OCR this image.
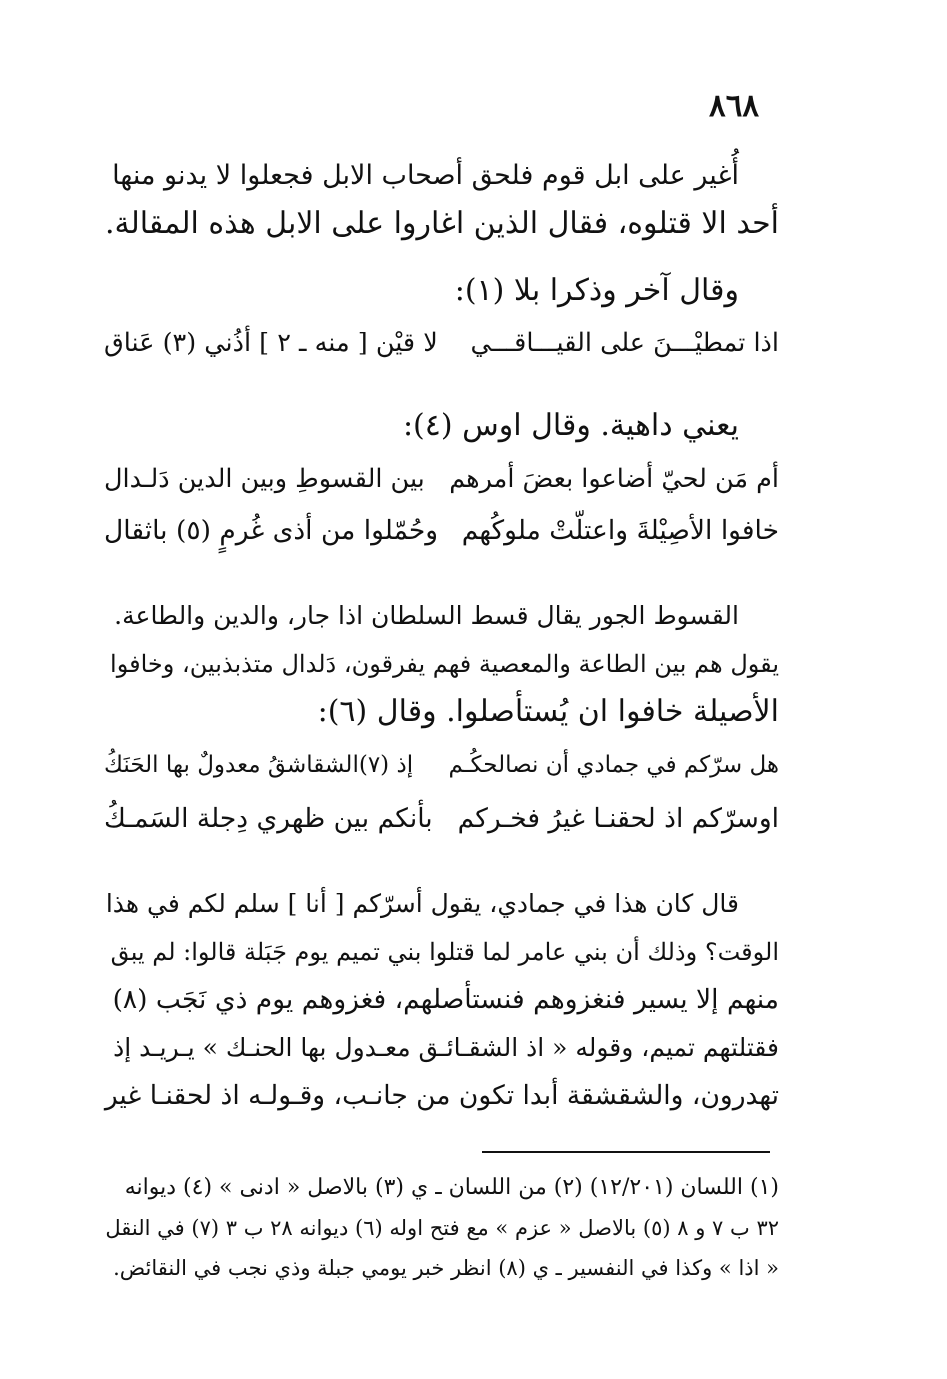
٨٦٨

أُغير على ابل قوم فلحق أصحاب الابل فجعلوا لا يدنو منها

أحد الا قتلوه، فقال الذين اغاروا على الابل هذه المقالة.

وقال آخر وذكرا بلا (١):

اذا تمطيْـــنَ على القيـــاقـــي
لا قيْن [ منه ـ ٢ ] أذُني (٣) عَناق

يعني داهية. وقال اوس (٤):

أم مَن لحيّ أضاعوا بعضَ أمرهم
بين القسوطِ وبين الدين دَلـدال
خافوا الأصِيْلةَ واعتلّتْ ملوكُهم
وحُمّلوا من أذى غُرمٍ (٥) باثقال

القسوط الجور يقال قسط السلطان اذا جار، والدين والطاعة.

يقول هم بين الطاعة والمعصية فهم يفرقون، دَلدال متذبذبين، وخافوا

الأصيلة خافوا ان يُستأصلوا. وقال (٦):

هل سرّكم في جمادي أن نصالحكُـم
إذ (٧)الشقاشقُ معدولٌ بها الحَنَكُ
اوسرّكم اذ لحقنـا غيرُ فخـركم
بأنكم بين ظهري دِجلة السَمـكُ

قال كان هذا في جمادي، يقول أسرّكم [ أنا ] سلم لكم في هذا

الوقت؟ وذلك أن بني عامر لما قتلوا بني تميم يوم جَبَلة قالوا: لم يبق

منهم إلا يسير فنغزوهم فنستأصلهم، فغزوهم يوم ذي نَجَب (٨)

فقتلتهم تميم، وقوله « اذ الشقـائـق معـدول بها الحنـك » يـريـد إذ

تهدرون، والشقشقة أبدا تكون من جانـب، وقـولـه اذ لحقنـا غير

(١) اللسان (١٢/٢٠١) (٢) من اللسان ـ ي (٣) بالاصل « ادنى » (٤) ديوانه

٣٢ ب ٧ و ٨ (٥) بالاصل « عزم » مع فتح اوله (٦) ديوانه ٢٨ ب ٣ (٧) في النقل

« اذا » وكذا في النفسير ـ ي (٨) انظر خبر يومي جبلة وذي نجب في النقائض.
